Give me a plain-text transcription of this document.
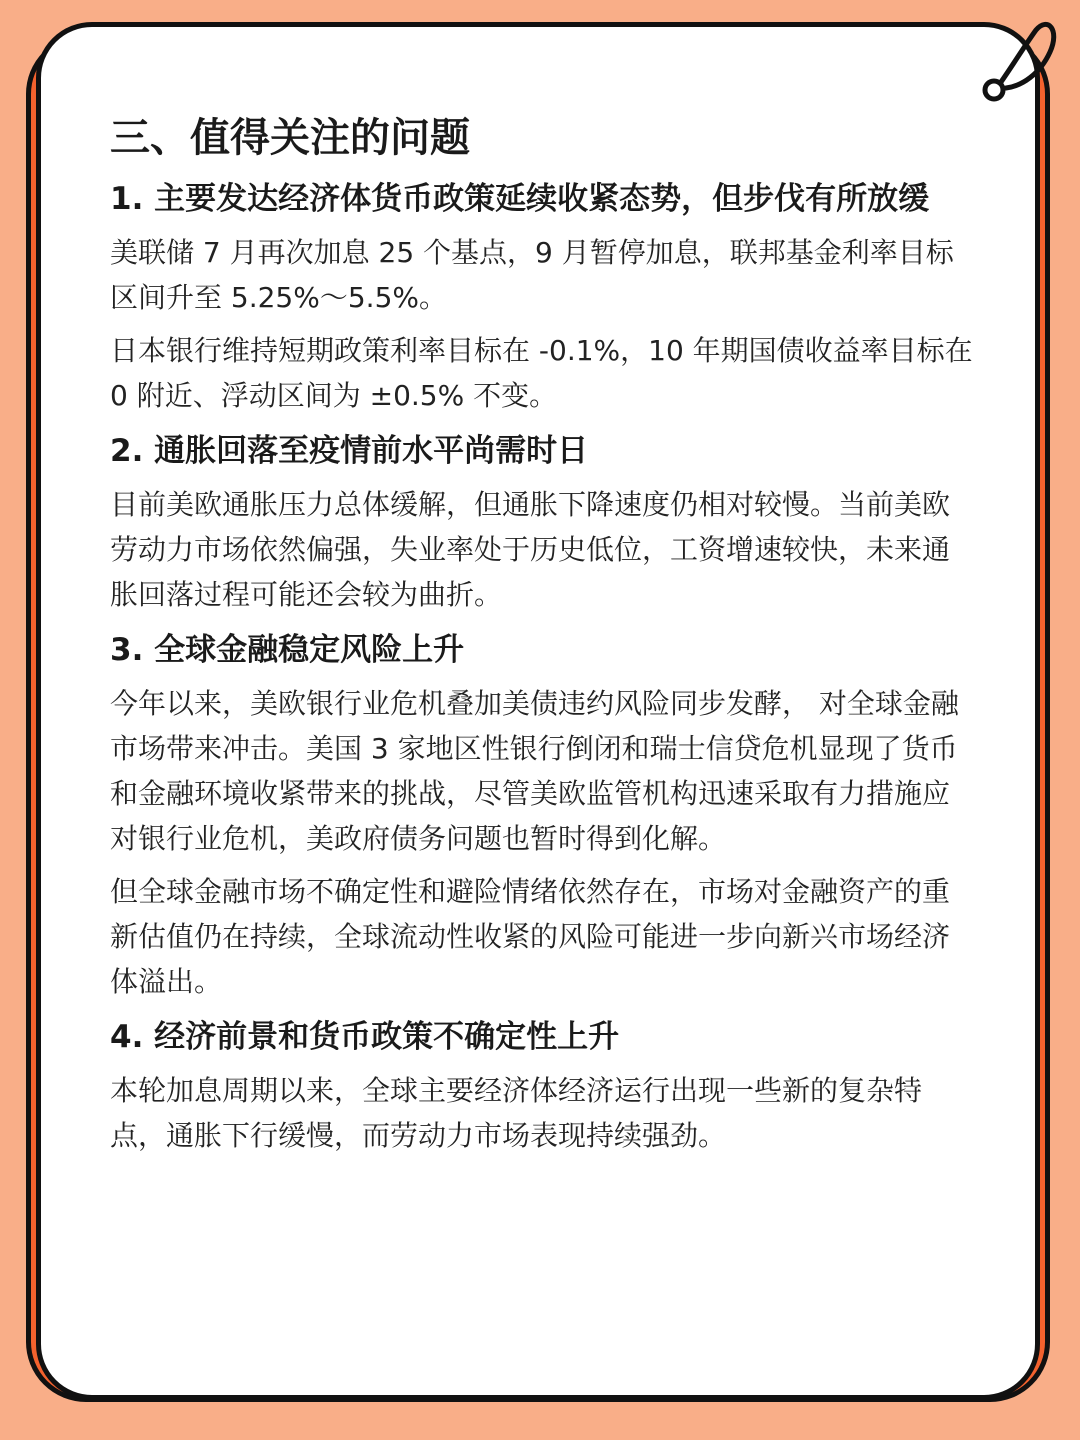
三、值得关注的问题
1. 主要发达经济体货币政策延续收紧态势，但步伐有所放缓
美联储 7 月再次加息 25 个基点，9 月暂停加息，联邦基金利率目标区间升至 5.25%～5.5%。
日本银行维持短期政策利率目标在 -0.1%，10 年期国债收益率目标在 0 附近、浮动区间为 ±0.5% 不变。
2. 通胀回落至疫情前水平尚需时日
目前美欧通胀压力总体缓解，但通胀下降速度仍相对较慢。当前美欧劳动力市场依然偏强，失业率处于历史低位，工资增速较快，未来通胀回落过程可能还会较为曲折。
3. 全球金融稳定风险上升
今年以来，美欧银行业危机叠加美债违约风险同步发酵， 对全球金融市场带来冲击。美国 3 家地区性银行倒闭和瑞士信贷危机显现了货币和金融环境收紧带来的挑战，尽管美欧监管机构迅速采取有力措施应对银行业危机，美政府债务问题也暂时得到化解。
但全球金融市场不确定性和避险情绪依然存在，市场对金融资产的重新估值仍在持续，全球流动性收紧的风险可能进一步向新兴市场经济体溢出。
4. 经济前景和货币政策不确定性上升
本轮加息周期以来，全球主要经济体经济运行出现一些新的复杂特点，通胀下行缓慢，而劳动力市场表现持续强劲。
